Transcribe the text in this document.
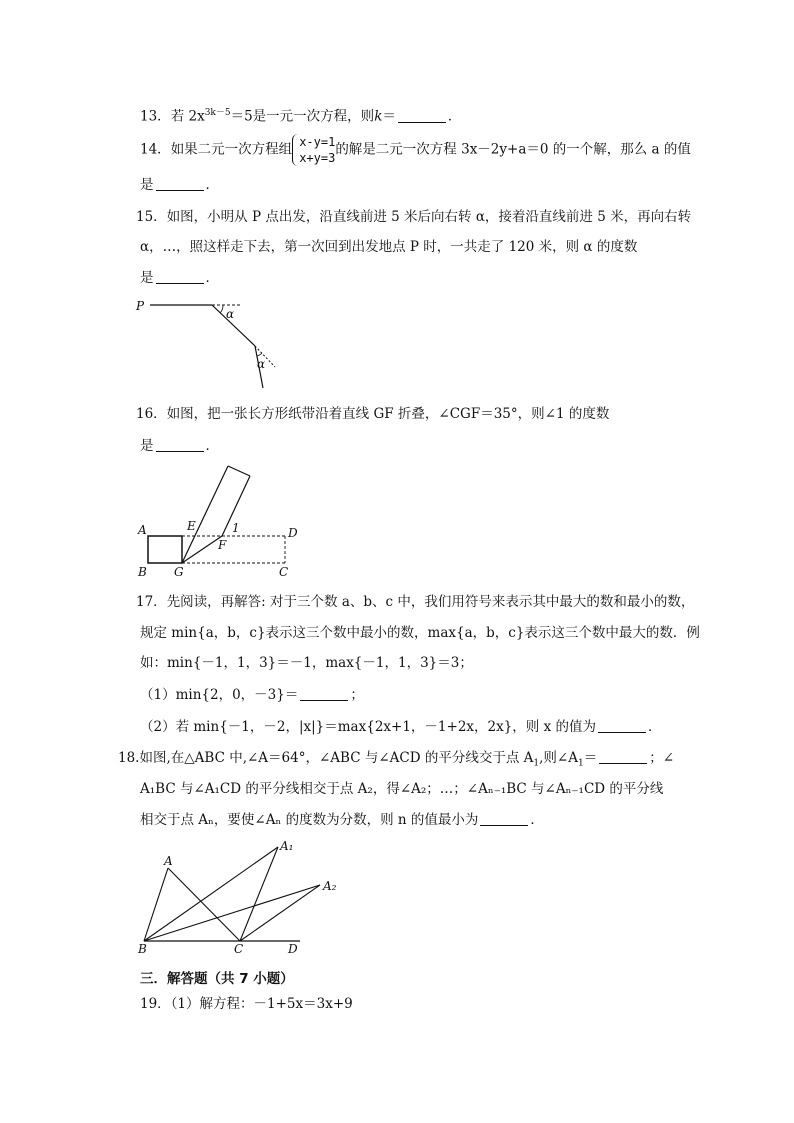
13．若 $2x^{3k-5}=5$是一元一次方程，则k＝	．
14．如果二元一次方程组 x-y=1
x+y=3的解是二元一次方程 3x－2y+a＝0 的一个解，那么 a 的值
是	．
15．如图，小明从 P 点出发，沿直线前进 5 米后向右转 α，接着沿直线前进 5 米，再向右转
α，…，照这样走下去，第一次回到出发地点 P 时，一共走了 120 米，则 α 的度数
是	．
P
α
α
16．如图，把一张长方形纸带沿着直线 GF 折叠，∠CGF＝35°，则∠1 的度数
是	．
A	E	1	D
F
B G	C
17．先阅读，再解答: 对于三个数 a、b、c 中，我们用符号来表示其中最大的数和最小的数，
规定 min{a，b，c}表示这三个数中最小的数，max{a，b，c}表示这三个数中最大的数．例
如：min{－1，1，3}＝－1，max{－1，1，3}＝3；
（1）min{2，0，－3}＝	；
（2）若 min{－1，－2，|x|}＝max{2x+1，－1+2x，2x}，则 x 的值为	．
18.如图,在△ABC 中,∠A＝64°，∠ABC 与∠ACD 的平分线交于点 $A_1$,则$\angle A_1=$	；∠
A₁BC 与∠A₁CD 的平分线相交于点 A₂，得∠A₂；…；∠Aₙ₋₁BC 与∠Aₙ₋₁CD 的平分线
相交于点 Aₙ，要使∠Aₙ 的度数为分数，则 n 的值最小为	．
A
A₁
A₂
B	C	D
三．解答题（共 7 小题）
19．（1）解方程：－1+5x＝3x+9
